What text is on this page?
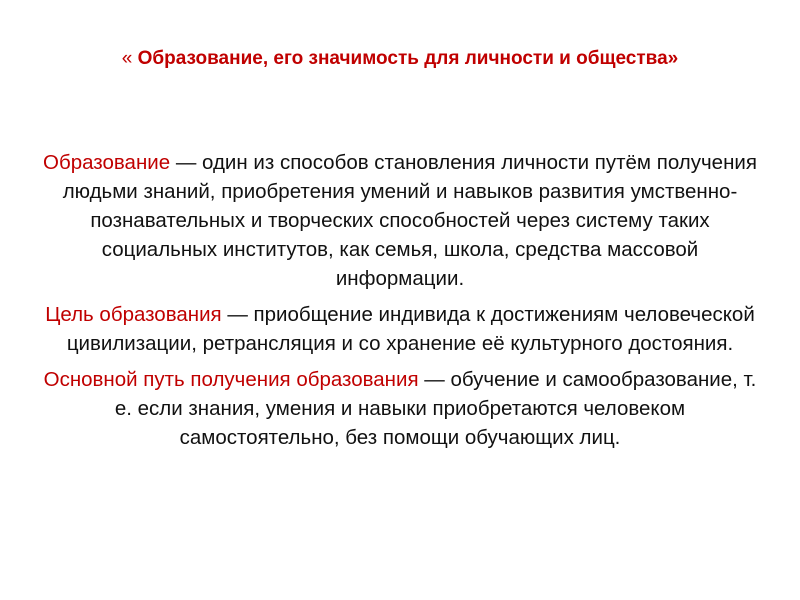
« Образование, его значимость для личности и общества»

Образование — один из способов становления личности путём получения людьми знаний, приобретения умений и навыков развития умственно-познавательных и творческих способностей через систему таких социальных институтов, как семья, школа, средства массовой информации.

Цель образования — приобщение индивида к достижениям человеческой цивилизации, ретрансляция и со хранение её культурного достояния.

Основной путь получения образования — обучение и самообразование, т. е. если знания, умения и навыки приобретаются человеком самостоятельно, без помощи обучающих лиц.
